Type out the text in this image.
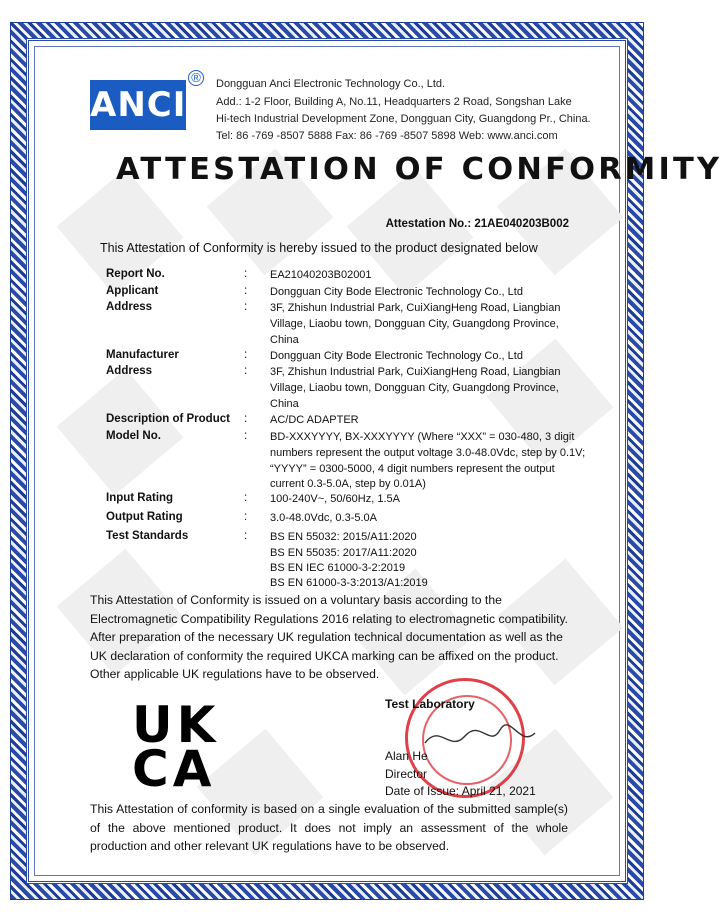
ANCI
® Dongguan Anci Electronic Technology Co., Ltd.
Add.: 1-2 Floor, Building A, No.11, Headquarters 2 Road, Songshan Lake
Hi-tech Industrial Development Zone, Dongguan City, Guangdong Pr., China.
Tel: 86 -769 -8507 5888 Fax: 86 -769 -8507 5898 Web: www.anci.com
ATTESTATION OF CONFORMITY
Attestation No.: 21AE040203B002
This Attestation of Conformity is hereby issued to the product designated below
Report No.	: EA21040203B02001
Applicant	: Dongguan City Bode Electronic Technology Co., Ltd
Address	: 3F, Zhishun Industrial Park, CuiXiangHeng Road, Liangbian Village, Liaobu town, Dongguan City, Guangdong Province, China
Manufacturer	: Dongguan City Bode Electronic Technology Co., Ltd
Address	: 3F, Zhishun Industrial Park, CuiXiangHeng Road, Liangbian Village, Liaobu town, Dongguan City, Guangdong Province, China
Description of Product : AC/DC ADAPTER
Model No.	: BD-XXXYYYY, BX-XXXYYYY (Where “XXX” = 030-480, 3 digit numbers represent the output voltage 3.0-48.0Vdc, step by 0.1V; “YYYY” = 0300-5000, 4 digit numbers represent the output current 0.3-5.0A, step by 0.01A)
Input Rating	: 100-240V~, 50/60Hz, 1.5A
Output Rating	: 3.0-48.0Vdc, 0.3-5.0A
Test Standards	: BS EN 55032: 2015/A11:2020
BS EN 55035: 2017/A11:2020
BS EN IEC 61000-3-2:2019
BS EN 61000-3-3:2013/A1:2019
This Attestation of Conformity is issued on a voluntary basis according to the Electromagnetic Compatibility Regulations 2016 relating to electromagnetic compatibility. After preparation of the necessary UK regulation technical documentation as well as the UK declaration of conformity the required UKCA marking can be affixed on the product. Other applicable UK regulations have to be observed.
UK
CA
Test Laboratory
Alan He
Director
Date of Issue: April 21, 2021
This Attestation of conformity is based on a single evaluation of the submitted sample(s) of the above mentioned product. It does not imply an assessment of the whole production and other relevant UK regulations have to be observed.
